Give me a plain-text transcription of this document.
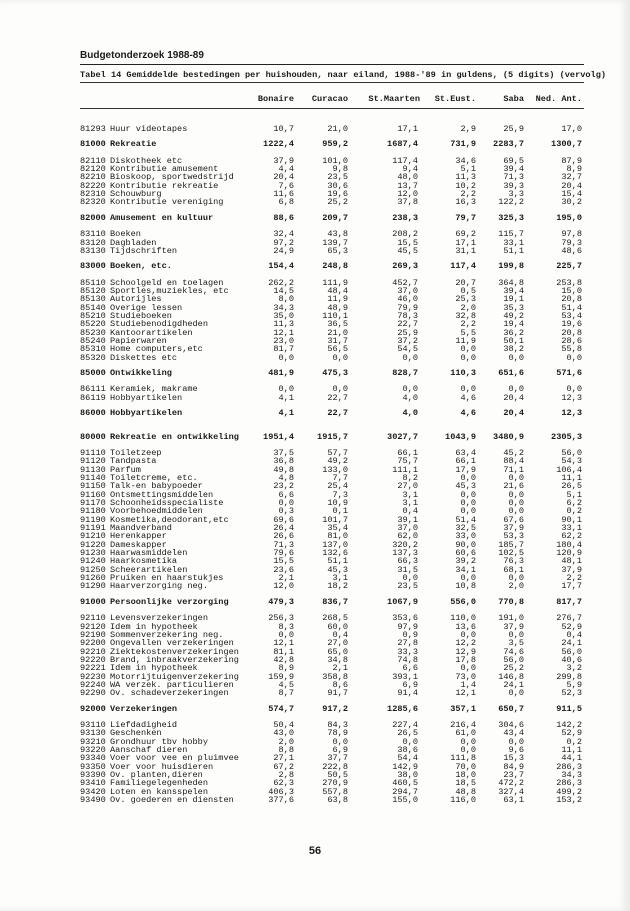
Budgetonderzoek 1988-89
Tabel 14 Gemiddelde bestedingen per huishouden, naar eiland, 1988-'89 in guldens, (5 digits) (vervolg)
Bonaire	Curacao	St.Maarten	St.Eust.	Saba	Ned. Ant.
81293 Huur videotapes	10,7	21,0	17,1	2,9	25,9	17,0
81000 Rekreatie	1222,4	959,2	1687,4	731,9	2283,7	1300,7
82110 Diskotheek etc	37,9	101,0	117,4	34,6	69,5	87,9
82120 Kontributie amusement	4,4	9,8	9,4	5,1	39,4	8,9
82210 Bioskoop, sportwedstrijd	20,4	23,5	48,0	11,3	71,3	32,7
82220 Kontributie rekreatie	7,6	30,6	13,7	10,2	39,3	20,4
82310 Schouwburg	11,6	19,6	12,0	2,2	3,3	15,4
82320 Kontributie vereniging	6,8	25,2	37,8	16,3	122,2	30,2
82000 Amusement en kultuur	88,6	209,7	238,3	79,7	325,3	195,0
83110 Boeken	32,4	43,8	208,2	69,2	115,7	97,8
83120 Dagbladen	97,2	139,7	15,5	17,1	33,1	79,3
83130 Tijdschriften	24,9	65,3	45,5	31,1	51,1	48,6
83000 Boeken, etc.	154,4	248,8	269,3	117,4	199,8	225,7
85110 Schoolgeld en toelagen	262,2	111,9	452,7	20,7	364,8	253,8
85120 Sportles,muziekles, etc	14,5	48,4	37,0	0,5	39,4	15,0
85130 Autorijles	8,0	11,9	46,0	25,3	19,1	20,8
85140 Overige lessen	34,3	48,9	79,9	2,0	35,3	51,4
85210 Studieboeken	35,0	110,1	78,3	32,8	49,2	53,4
85220 Studiebenodigdheden	11,3	36,5	22,7	2,2	19,4	19,6
85230 Kantoorartikelen	12,1	21,0	25,9	5,5	36,2	20,8
85240 Papierwaren	23,0	31,7	37,2	11,9	50,1	28,6
85310 Home computers,etc	81,7	56,5	54,5	0,0	38,2	55,8
85320 Diskettes etc	0,0	0,0	0,0	0,0	0,0	0,0
85000 Ontwikkeling	481,9	475,3	828,7	110,3	651,6	571,6
86111 Keramiek, makrame	0,0	0,0	0,0	0,0	0,0	0,0
86119 Hobbyartikelen	4,1	22,7	4,0	4,6	20,4	12,3
86000 Hobbyartikelen	4,1	22,7	4,0	4,6	20,4	12,3
80000 Rekreatie en ontwikkeling	1951,4	1915,7	3027,7	1043,9	3480,9	2305,3
91110 Toiletzeep	37,5	57,7	66,1	63,4	45,2	56,0
91120 Tandpasta	36,8	49,2	75,7	66,1	88,4	54,3
91130 Parfum	49,8	133,0	111,1	17,9	71,1	106,4
91140 Toiletcreme, etc.	4,8	7,7	8,2	0,0	0,0	11,1
91150 Talk-en babypoeder	23,2	25,4	27,0	45,3	21,6	26,5
91160 Ontsmettingsmiddelen	6,6	7,3	3,1	0,0	0,0	5,1
91170 Schoonheidsspecialiste	0,0	10,9	3,1	0,0	0,0	6,2
91180 Voorbehoedmiddelen	0,3	0,1	0,4	0,0	0,0	0,2
91190 Kosmetika,deodorant,etc	69,6	101,7	39,1	51,4	67,6	90,1
91191 Maandverband	26,4	35,4	37,0	32,5	37,9	33,1
91210 Herenkapper	26,6	81,0	62,0	33,0	53,3	62,2
91220 Dameskapper	71,3	137,0	320,2	90,0	185,7	180,4
91230 Haarwasmiddelen	79,6	132,6	137,3	60,6	102,5	120,9
91240 Haarkosmetika	15,5	51,1	66,3	39,2	76,3	48,1
91250 Scheerartikelen	23,6	45,3	31,5	34,1	68,1	37,9
91260 Pruiken en haarstukjes	2,1	3,1	0,0	0,0	0,0	2,2
91290 Haarverzorging neg.	12,0	18,2	23,5	10,8	2,0	17,7
91000 Persoonlijke verzorging	479,3	836,7	1067,9	556,0	770,8	817,7
92110 Levensverzekeringen	256,3	268,5	353,6	110,0	191,0	276,7
92120 Idem in hypotheek	8,3	60,0	97,9	13,6	37,9	52,9
92190 Sommenverzekering neg.	0,0	0,4	0,9	0,0	0,0	0,4
92200 Ongevallen verzekeringen	12,1	27,0	27,8	12,2	3,5	24,1
92210 Ziektekostenverzekeringen	81,1	65,0	33,3	12,9	74,6	56,0
92220 Brand, inbraakverzekering	42,8	34,8	74,8	17,8	56,0	40,6
92221 Idem in hypotheek	8,9	2,1	6,6	0,0	25,2	3,2
92230 Motorrijtuigenverzekering	159,9	358,8	393,1	73,0	146,8	299,8
92240 WA verzek. particulieren	4,5	8,6	6,9	1,4	24,1	5,9
92290 Ov. schadeverzekeringen	8,7	91,7	91,4	12,1	0,0	52,3
92000 Verzekeringen	574,7	917,2	1285,6	357,1	650,7	911,5
93110 Liefdadigheid	50,4	84,3	227,4	216,4	304,6	142,2
93130 Geschenken	43,0	78,9	26,5	61,0	43,4	52,9
93210 Grondhuur tbv hobby	2,0	0,0	0,0	0,0	0,0	0,2
93220 Aanschaf dieren	8,8	6,9	38,6	0,0	9,6	11,1
93340 Voer voor vee en pluimvee	27,1	37,7	54,4	111,8	15,3	44,1
93350 Voer voor huisdieren	67,2	222,8	142,9	70,0	84,9	286,3
93390 Ov. planten,dieren	2,8	50,5	38,0	18,0	23,7	34,3
93410 Familiegelegenheden	62,3	270,9	460,5	18,5	472,2	286,3
93420 Loten en kansspelen	406,3	557,8	294,7	48,8	327,4	499,2
93490 Ov. goederen en diensten	377,6	63,8	155,0	116,0	63,1	153,2
56
